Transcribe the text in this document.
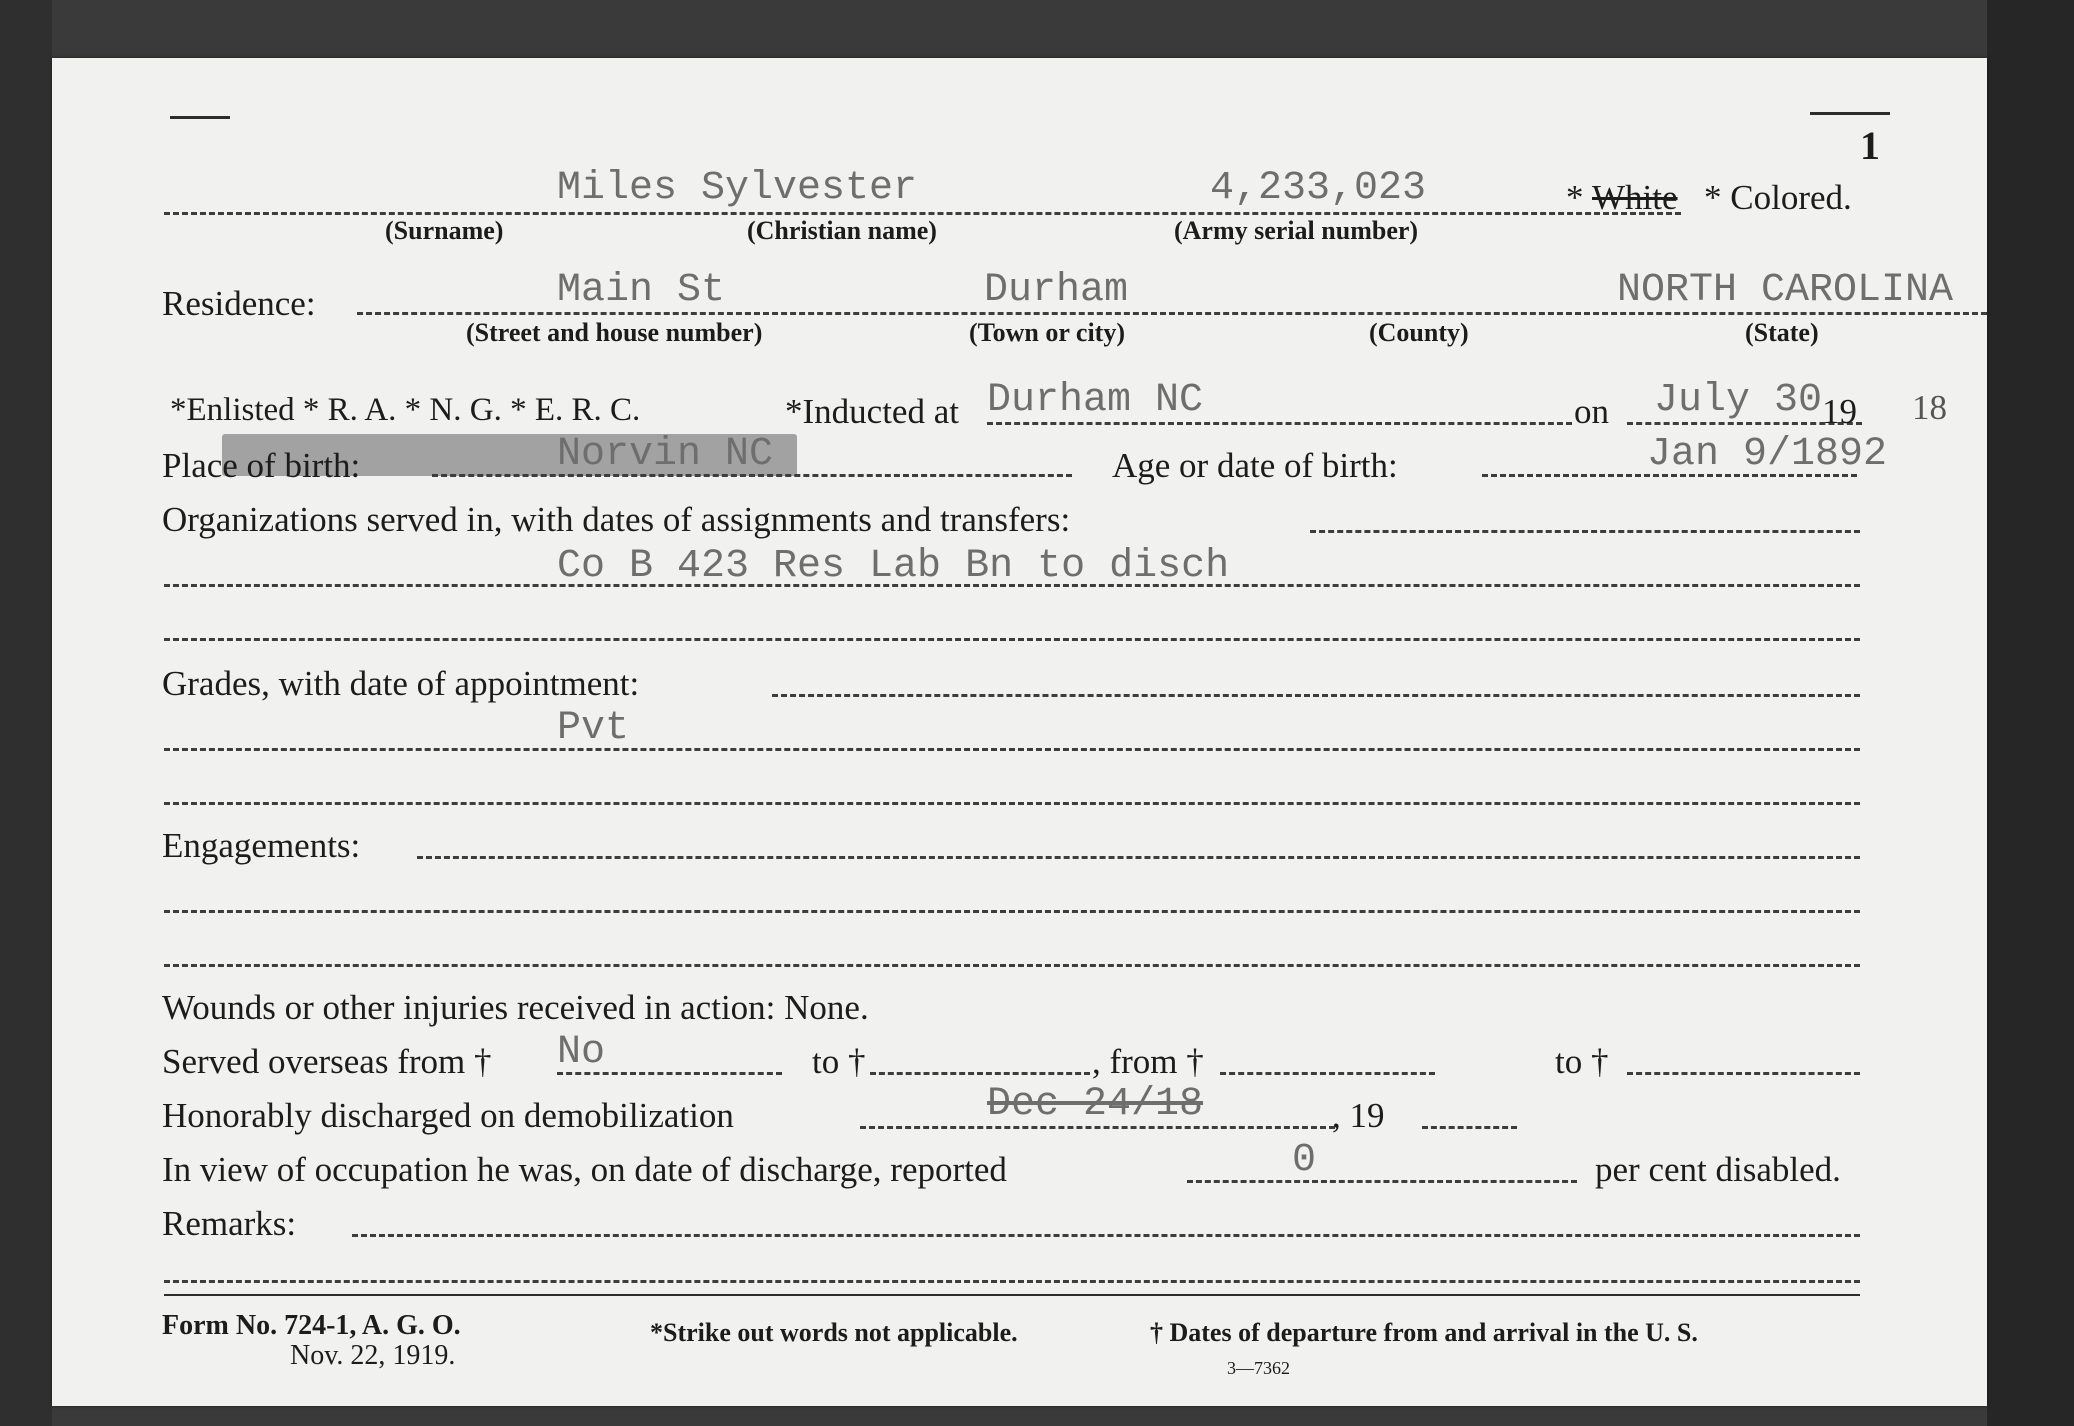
1
Miles Sylvester	4,233,023	* White * Colored.
(Surname)	(Christian name)	(Army serial number)
Residence:	Main St	Durham	NORTH CAROLINA
(Street and house number)	(Town or city)	(County)	(State)
*Enlisted * R. A. * N. G. * E. R. C.	*Inducted at Durham NC	on July 30 19 18
Place of birth:	Norvin NC	Age or date of birth:	Jan 9/1892
Organizations served in, with dates of assignments and transfers:
Co B 423 Res Lab Bn to disch
Grades, with date of appointment:
Pvt
Engagements:
Wounds or other injuries received in action: None.
Served overseas from † No	to †	, from †	to †
Honorably discharged on demobilization	Dec 24/18	, 19
In view of occupation he was, on date of discharge, reported	0	per cent disabled.
Remarks:
Form No. 724-1, A. G. O.
Nov. 22, 1919.
*Strike out words not applicable.	† Dates of departure from and arrival in the U. S.
3—7362
